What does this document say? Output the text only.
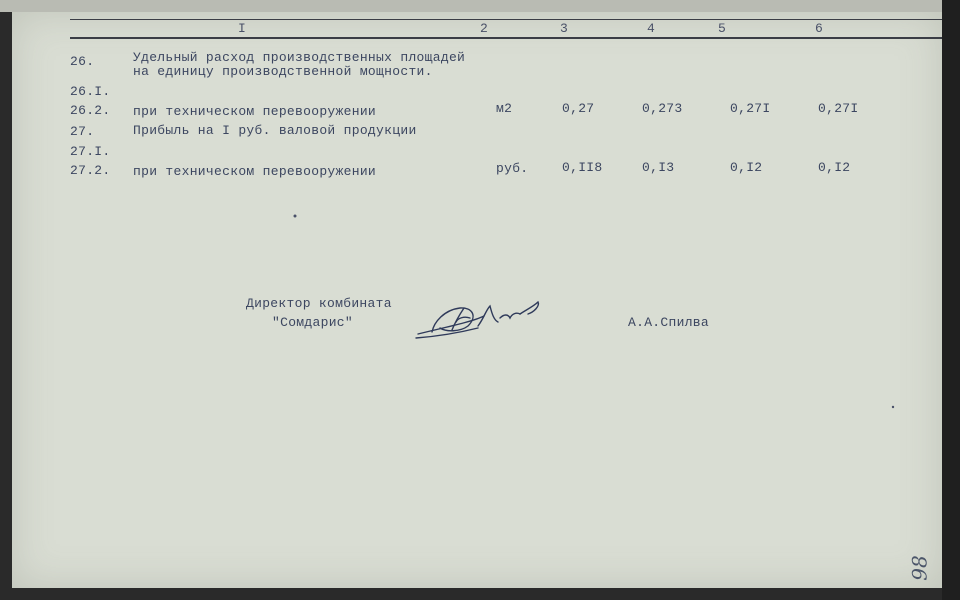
I	2	3	4	5	6
26.	Удельный расход производственных площадей
на единицу производственной мощности.
26.I.
26.2. при техническом перевооружении	м2	0,27	0,273	0,27I	0,27I
27.	Прибыль на I руб. валовой продукции
27.I.
27.2. при техническом перевооружении	руб.	0,II8	0,I3	0,I2	0,I2
Директор комбината
"Сомдарис"	А.А.Спилва
98
